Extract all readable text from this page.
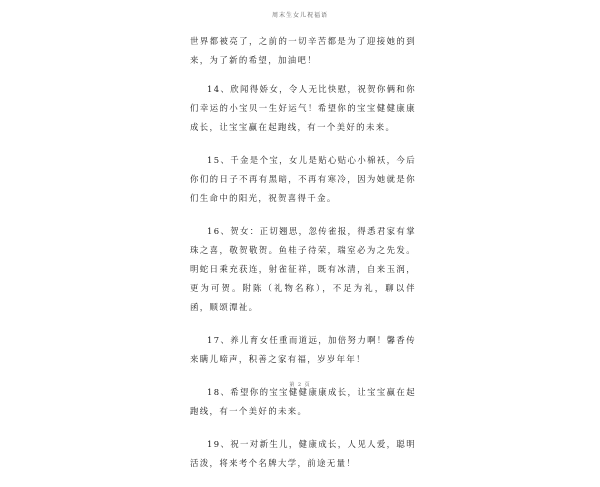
周末生女儿祝福语

世界都被亮了，之前的一切辛苦都是为了迎接她的到来，为了新的希望，加油吧！

14、欣闻得娇女，令人无比快慰，祝贺你俩和你们幸运的小宝贝一生好运气！希望你的宝宝健健康康成长，让宝宝赢在起跑线，有一个美好的未来。

15、千金是个宝，女儿是贴心贴心小棉袄，今后你们的日子不再有黑暗，不再有寒冷，因为她就是你们生命中的阳光，祝贺喜得千金。

16、贺女：正切翘思，忽传雀报，得悉君家有掌珠之喜，敬贺敬贺。鱼桂子待荣，瑞室必为之先发。明蛇日乘充获连，射雀征祥，既有冰清，自来玉润，更为可贺。附陈（礼物名称），不足为礼，聊以伴函，顺颂潭祉。

17、养儿育女任重而道远，加倍努力啊！馨香传来瞒儿啼声，积善之家有福，岁岁年年！

18、希望你的宝宝健健康康成长，让宝宝赢在起跑线，有一个美好的未来。

19、祝一对新生儿，健康成长，人见人爱，聪明活泼，将来考个名牌大学，前途无量！

第 2 页
